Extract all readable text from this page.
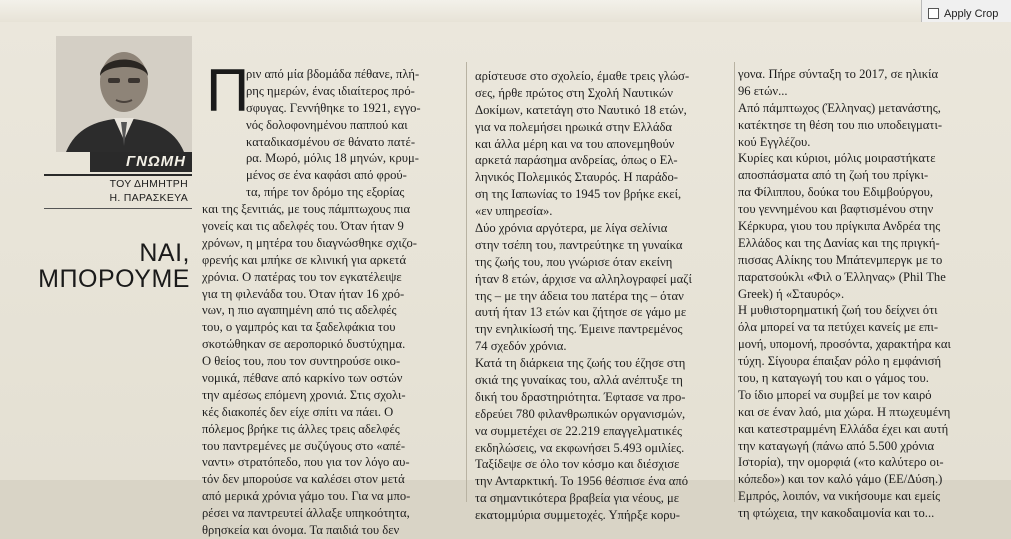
Apply Crop
ΓΝΩΜΗ
ΤΟΥ ΔΗΜΗΤΡΗ
Η. ΠΑΡΑΣΚΕΥΑ
ΝΑΙ,
ΜΠΟΡΟΥΜΕ
Π
ριν από μία βδομάδα πέθανε, πλή-
ρης ημερών, ένας ιδιαίτερος πρό-
σφυγας. Γεννήθηκε το 1921, εγγο-
νός δολοφονημένου παππού και
καταδικασμένου σε θάνατο πατέ-
ρα. Μωρό, μόλις 18 μηνών, κρυμ-
μένος σε ένα καφάσι από φρού-
τα, πήρε τον δρόμο της εξορίας
και της ξενιτιάς, με τους πάμπτωχους πια
γονείς και τις αδελφές του. Όταν ήταν 9
χρόνων, η μητέρα του διαγνώσθηκε σχιζο-
φρενής και μπήκε σε κλινική για αρκετά
χρόνια. Ο πατέρας του τον εγκατέλειψε
για τη φιλενάδα του. Όταν ήταν 16 χρό-
νων, η πιο αγαπημένη από τις αδελφές
του, ο γαμπρός και τα ξαδελφάκια του
σκοτώθηκαν σε αεροπορικό δυστύχημα.
Ο θείος του, που τον συντηρούσε οικο-
νομικά, πέθανε από καρκίνο των οστών
την αμέσως επόμενη χρονιά. Στις σχολι-
κές διακοπές δεν είχε σπίτι να πάει. Ο
πόλεμος βρήκε τις άλλες τρεις αδελφές
του παντρεμένες με συζύγους στο «απέ-
ναντι» στρατόπεδο, που για τον λόγο αυ-
τόν δεν μπορούσε να καλέσει στον μετά
από μερικά χρόνια γάμο του. Για να μπο-
ρέσει να παντρευτεί άλλαξε υπηκοότητα,
θρησκεία και όνομα. Τα παιδιά του δεν
αρίστευσε στο σχολείο, έμαθε τρεις γλώσ-
σες, ήρθε πρώτος στη Σχολή Ναυτικών
Δοκίμων, κατετάγη στο Ναυτικό 18 ετών,
για να πολεμήσει ηρωικά στην Ελλάδα
και άλλα μέρη και να του απονεμηθούν
αρκετά παράσημα ανδρείας, όπως ο Ελ-
ληνικός Πολεμικός Σταυρός. Η παράδο-
ση της Ιαπωνίας το 1945 τον βρήκε εκεί,
«εν υπηρεσία».
Δύο χρόνια αργότερα, με λίγα σελίνια
στην τσέπη του, παντρεύτηκε τη γυναίκα
της ζωής του, που γνώρισε όταν εκείνη
ήταν 8 ετών, άρχισε να αλληλογραφεί μαζί
της – με την άδεια του πατέρα της – όταν
αυτή ήταν 13 ετών και ζήτησε σε γάμο με
την ενηλικίωσή της. Έμεινε παντρεμένος
74 σχεδόν χρόνια.
Κατά τη διάρκεια της ζωής του έζησε στη
σκιά της γυναίκας του, αλλά ανέπτυξε τη
δική του δραστηριότητα. Έφτασε να προ-
εδρεύει 780 φιλανθρωπικών οργανισμών,
να συμμετέχει σε 22.219 επαγγελματικές
εκδηλώσεις, να εκφωνήσει 5.493 ομιλίες.
Ταξίδεψε σε όλο τον κόσμο και διέσχισε
την Ανταρκτική. Το 1956 θέσπισε ένα από
τα σημαντικότερα βραβεία για νέους, με
εκατομμύρια συμμετοχές. Υπήρξε κορυ-
γονα. Πήρε σύνταξη το 2017, σε ηλικία
96 ετών...
Από πάμπτωχος (Έλληνας) μετανάστης,
κατέκτησε τη θέση του πιο υποδειγματι-
κού Εγγλέζου.
Κυρίες και κύριοι, μόλις μοιραστήκατε
αποσπάσματα από τη ζωή του πρίγκι-
πα Φίλιππου, δούκα του Εδιμβούργου,
του γεννημένου και βαφτισμένου στην
Κέρκυρα, γιου του πρίγκιπα Ανδρέα της
Ελλάδος και της Δανίας και της πριγκή-
πισσας Αλίκης του Μπάτενμπεργκ με το
παρατσούκλι «Φιλ ο Έλληνας» (Phil The
Greek) ή «Σταυρός».
Η μυθιστορηματική ζωή του δείχνει ότι
όλα μπορεί να τα πετύχει κανείς με επι-
μονή, υπομονή, προσόντα, χαρακτήρα και
τύχη. Σίγουρα έπαιξαν ρόλο η εμφάνισή
του, η καταγωγή του και ο γάμος του.
Το ίδιο μπορεί να συμβεί με τον καιρό
και σε έναν λαό, μια χώρα. Η πτωχευμένη
και κατεστραμμένη Ελλάδα έχει και αυτή
την καταγωγή (πάνω από 5.500 χρόνια
Ιστορία), την ομορφιά («το καλύτερο οι-
κόπεδο») και τον καλό γάμο (ΕΕ/Δύση.)
Εμπρός, λοιπόν, να νικήσουμε και εμείς
τη φτώχεια, την κακοδαιμονία και το...
